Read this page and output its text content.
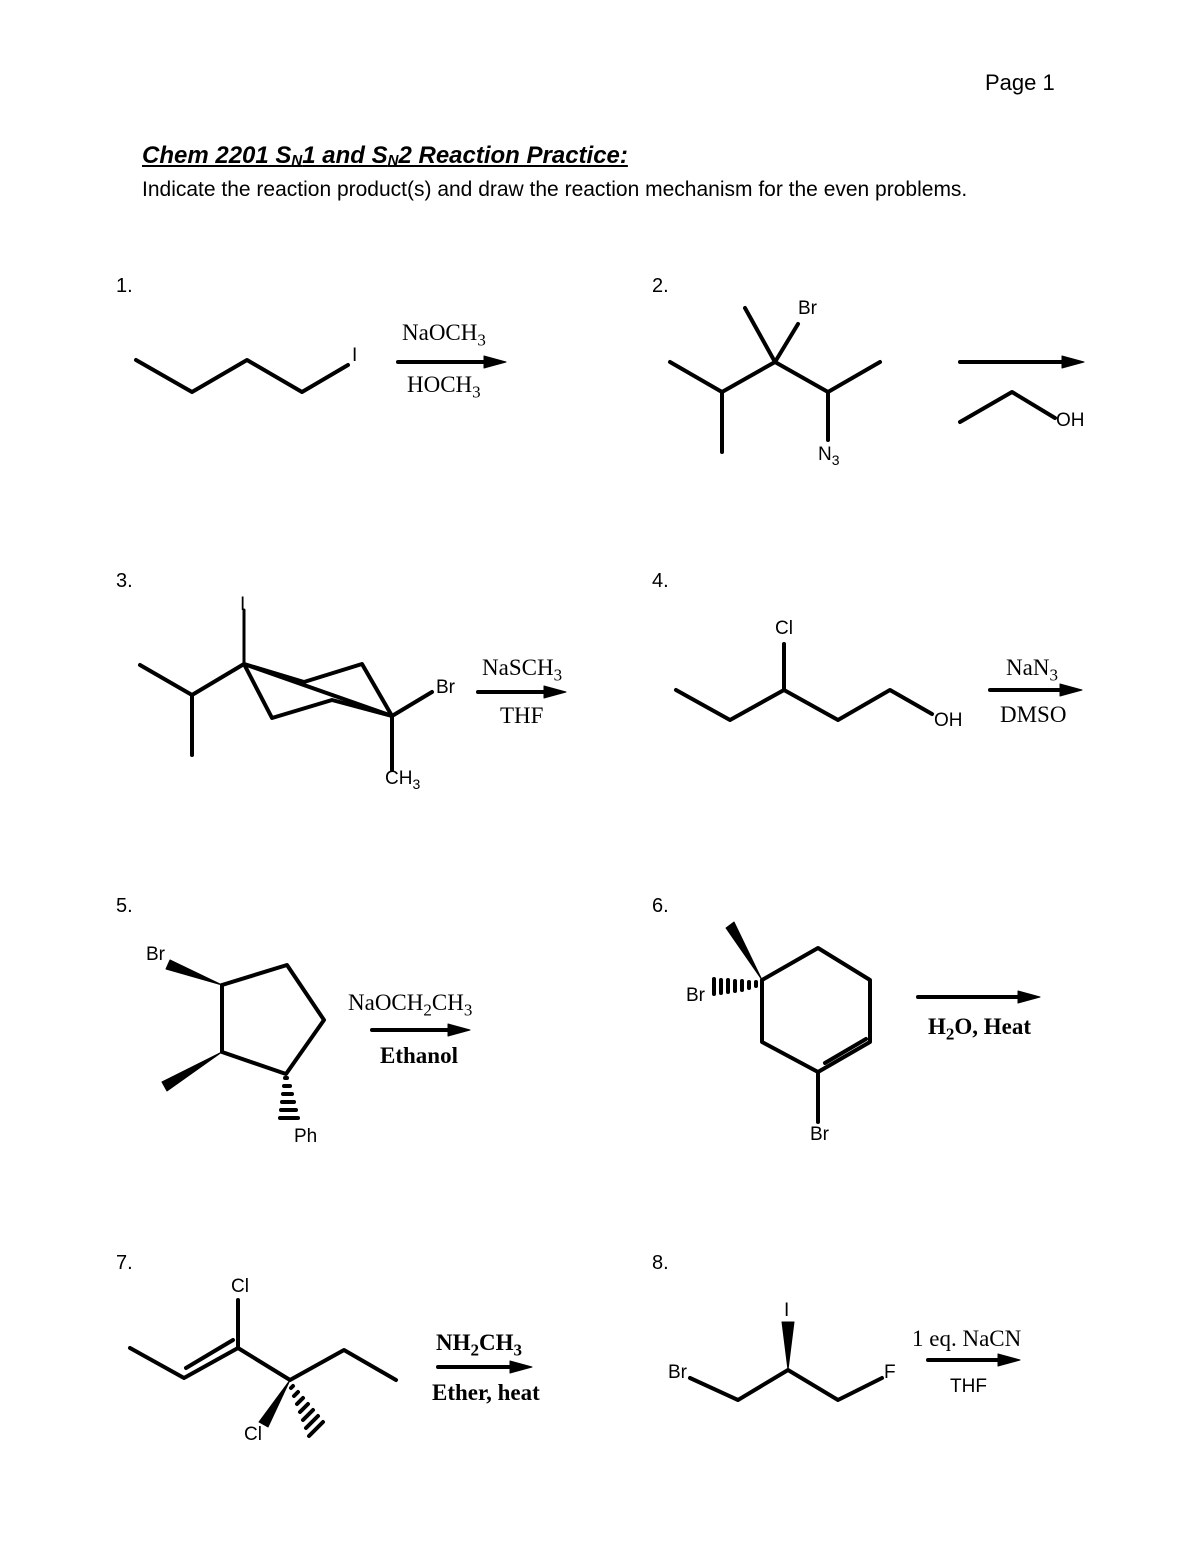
Page 1
Chem 2201 $S_N1$ and $S_N2$ Reaction Practice:
Indicate the reaction product(s) and draw the reaction mechanism for the even problems.
1.	2.
3.	4.
5.	6.
7.	8.
I
NaOCH$_3$
$HOCH_3$
Br
$N_3$
OH
I
Br
$CH_3$
NaSCH$_3$
THF
Cl
OH
NaN$_3$
DMSO
Br
Ph
$NaOCH_2CH_3$
Ethanol
Br
Br
$H_2O$, Heat
Cl
Cl
$NH_2CH_3$
Ether, heat
I
Br	F
1 eq. NaCN
THF
